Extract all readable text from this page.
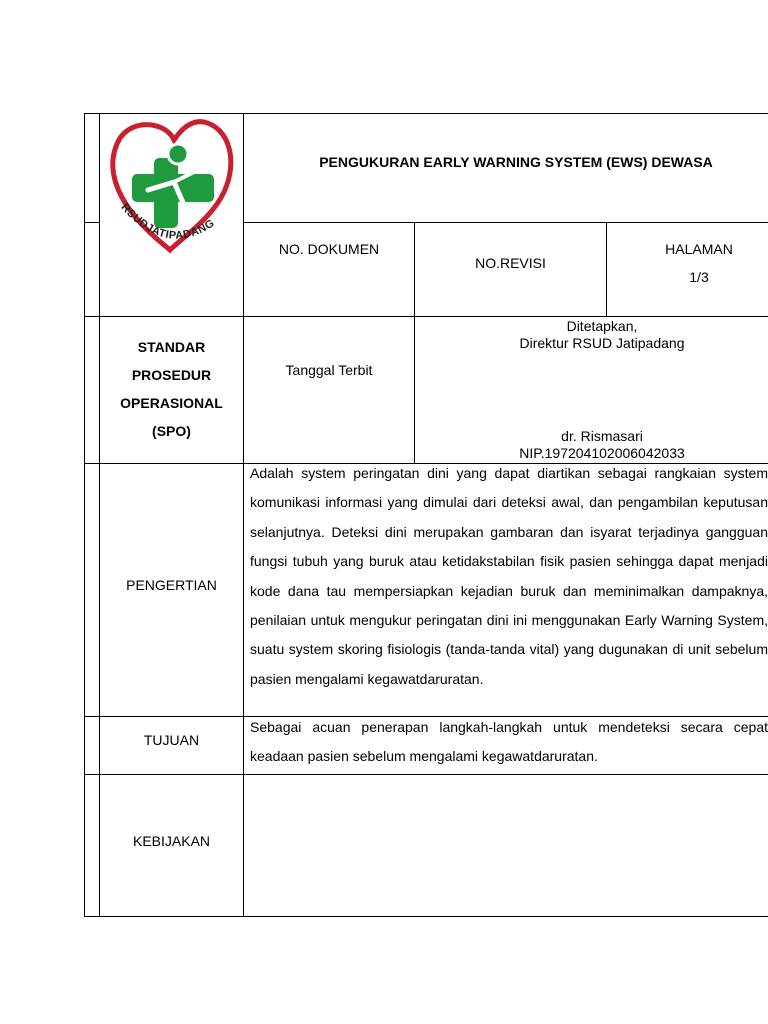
RSUDJATIPADANG
PENGUKURAN EARLY WARNING SYSTEM (EWS) DEWASA
NO. DOKUMEN
NO.REVISI
HALAMAN
1/3
STANDAR
PROSEDUR
OPERASIONAL
(SPO)
Tanggal Terbit
Ditetapkan,
Direktur RSUD Jatipadang
dr. Rismasari
NIP.197204102006042033
PENGERTIAN
Adalah system peringatan dini yang dapat diartikan sebagai rangkaian system komunikasi informasi yang dimulai dari deteksi awal, dan pengambilan keputusan selanjutnya. Deteksi dini merupakan gambaran dan isyarat terjadinya gangguan fungsi tubuh yang buruk atau ketidakstabilan fisik pasien sehingga dapat menjadi kode dana tau mempersiapkan kejadian buruk dan meminimalkan dampaknya, penilaian untuk mengukur peringatan dini ini menggunakan Early Warning System, suatu system skoring fisiologis (tanda-tanda vital) yang dugunakan di unit sebelum pasien mengalami kegawatdaruratan.
TUJUAN
Sebagai acuan penerapan langkah-langkah untuk mendeteksi secara cepat keadaan pasien sebelum mengalami kegawatdaruratan.
KEBIJAKAN
